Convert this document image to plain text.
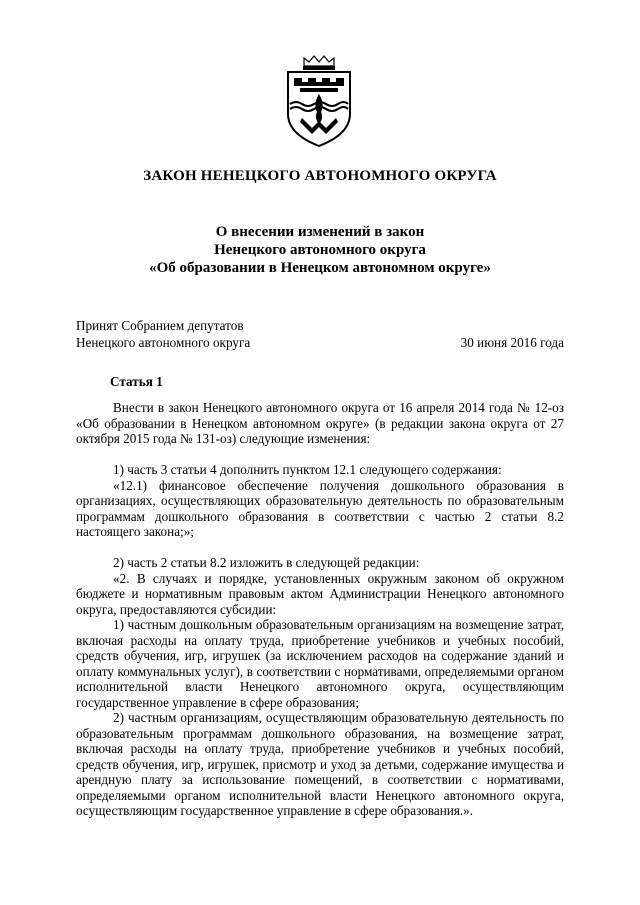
ЗАКОН НЕНЕЦКОГО АВТОНОМНОГО ОКРУГА
О внесении изменений в закон
Ненецкого автономного округа
«Об образовании в Ненецком автономном округе»
Принят Собранием депутатов
Ненецкого автономного округа	30 июня 2016 года
Статья 1

Внести в закон Ненецкого автономного округа от 16 апреля 2014 года № 12-оз «Об образовании в Ненецком автономном округе» (в редакции закона округа от 27 октября 2015 года № 131-оз) следующие изменения:

1) часть 3 статьи 4 дополнить пунктом 12.1 следующего содержания:

«12.1) финансовое обеспечение получения дошкольного образования в организациях, осуществляющих образовательную деятельность по образовательным программам дошкольного образования в соответствии с частью 2 статьи 8.2 настоящего закона;»;

2) часть 2 статьи 8.2 изложить в следующей редакции:

«2. В случаях и порядке, установленных окружным законом об окружном бюджете и нормативным правовым актом Администрации Ненецкого автономного округа, предоставляются субсидии:

1) частным дошкольным образовательным организациям на возмещение затрат, включая расходы на оплату труда, приобретение учебников и учебных пособий, средств обучения, игр, игрушек (за исключением расходов на содержание зданий и оплату коммунальных услуг), в соответствии с нормативами, определяемыми органом исполнительной власти Ненецкого автономного округа, осуществляющим государственное управление в сфере образования;

2) частным организациям, осуществляющим образовательную деятельность по образовательным программам дошкольного образования, на возмещение затрат, включая расходы на оплату труда, приобретение учебников и учебных пособий, средств обучения, игр, игрушек, присмотр и уход за детьми, содержание имущества и арендную плату за использование помещений, в соответствии с нормативами, определяемыми органом исполнительной власти Ненецкого автономного округа, осуществляющим государственное управление в сфере образования.».
